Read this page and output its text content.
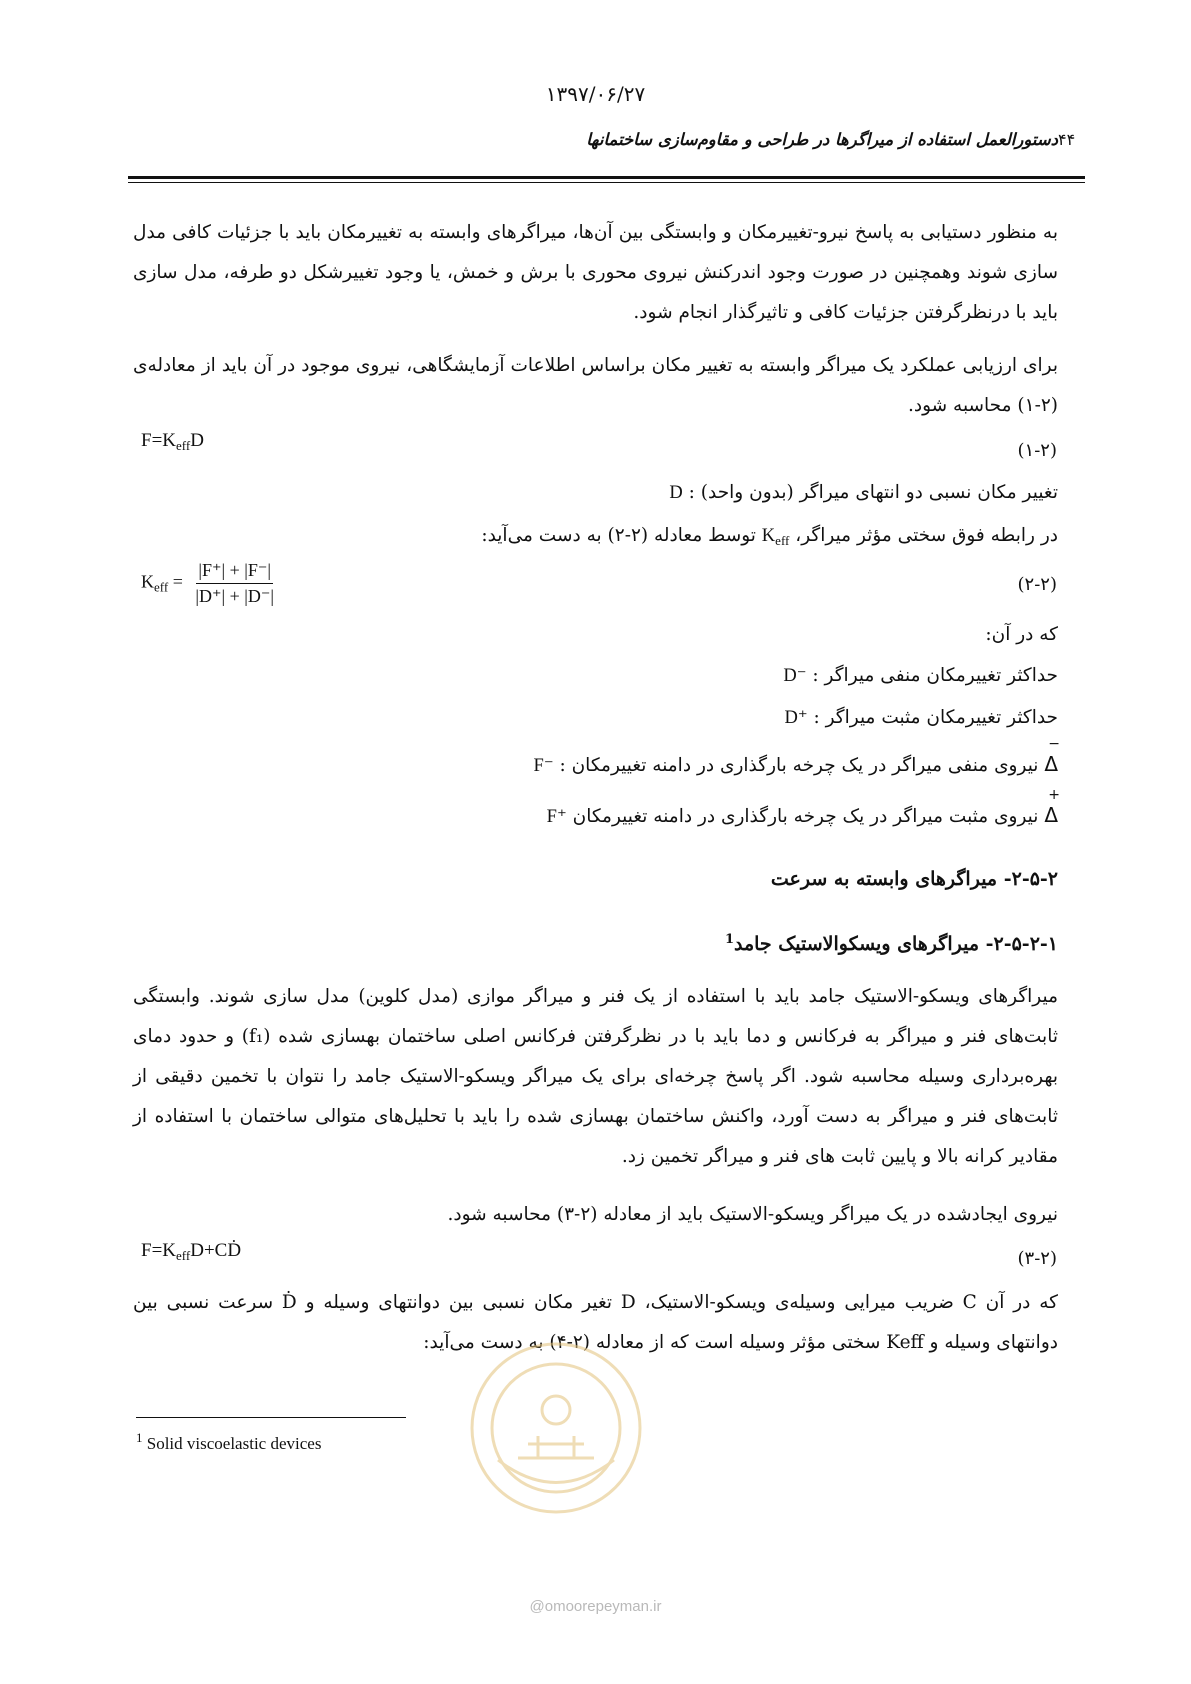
۱۳۹۷/۰۶/۲۷
دستورالعمل استفاده از میراگرها در طراحی و مقاوم‌سازی ساختمانها ۴۴
به منظور دستیابی به پاسخ نیرو-تغییرمکان و وابستگی بین آن‌ها، میراگرهای وابسته به تغییرمکان باید با جزئیات کافی مدل سازی شوند وهمچنین در صورت وجود اندرکنش نیروی محوری با برش و خمش، یا وجود تغییرشکل دو طرفه، مدل سازی باید با درنظرگرفتن جزئیات کافی و تاثیرگذار انجام شود.
برای ارزیابی عملکرد یک میراگر وابسته به تغییر مکان براساس اطلاعات آزمایشگاهی، نیروی موجود در آن باید از معادله‌ی (۲-۱) محاسبه شود.
$F=K_{eff}D$	(۱-۲)
D : تغییر مکان نسبی دو انتهای میراگر (بدون واحد)
در رابطه فوق سختی مؤثر میراگر، $K_{eff}$ توسط معادله (۲-۲) به دست می‌آید:
$K_{eff} = \frac{|F^+| + |F^-|}{|D^+| + |D^-|}$	(۲-۲)
که در آن:
D⁻ : حداکثر تغییرمکان منفی میراگر
D⁺ : حداکثر تغییرمکان مثبت میراگر
F⁻ : نیروی منفی میراگر در یک چرخه بارگذاری در دامنه تغییرمکان Δ
−
F⁺ نیروی مثبت میراگر در یک چرخه بارگذاری در دامنه تغییرمکان Δ
+
۲-۵-۲- میراگرهای وابسته به سرعت
۲-۵-۲-۱- میراگرهای ویسکوالاستیک جامد$^1$
میراگرهای ویسکو-الاستیک جامد باید با استفاده از یک فنر و میراگر موازی (مدل کلوین) مدل سازی شوند. وابستگی ثابت‌های فنر و میراگر به فرکانس و دما باید با در نظرگرفتن فرکانس اصلی ساختمان بهسازی شده (f₁) و حدود دمای بهره‌برداری وسیله محاسبه شود. اگر پاسخ چرخه‌ای برای یک میراگر ویسکو-الاستیک جامد را نتوان با تخمین دقیقی از ثابت‌های فنر و میراگر به دست آورد، واکنش ساختمان بهسازی شده را باید با تحلیل‌های متوالی ساختمان با استفاده از مقادیر کرانه بالا و پایین ثابت های فنر و میراگر تخمین زد.
نیروی ایجادشده در یک میراگر ویسکو-الاستیک باید از معادله (۲-۳) محاسبه شود.
$F=K_{eff}D+CḊ$	(۳-۲)
که در آن C ضریب میرایی وسیله‌ی ویسکو-الاستیک، D تغیر مکان نسبی بین دوانتهای وسیله و Ḋ سرعت نسبی بین دوانتهای وسیله و Keff سختی مؤثر وسیله است که از معادله (۲-۴) به دست می‌آید:
$^1$ Solid viscoelastic devices
@omoorepeyman.ir
